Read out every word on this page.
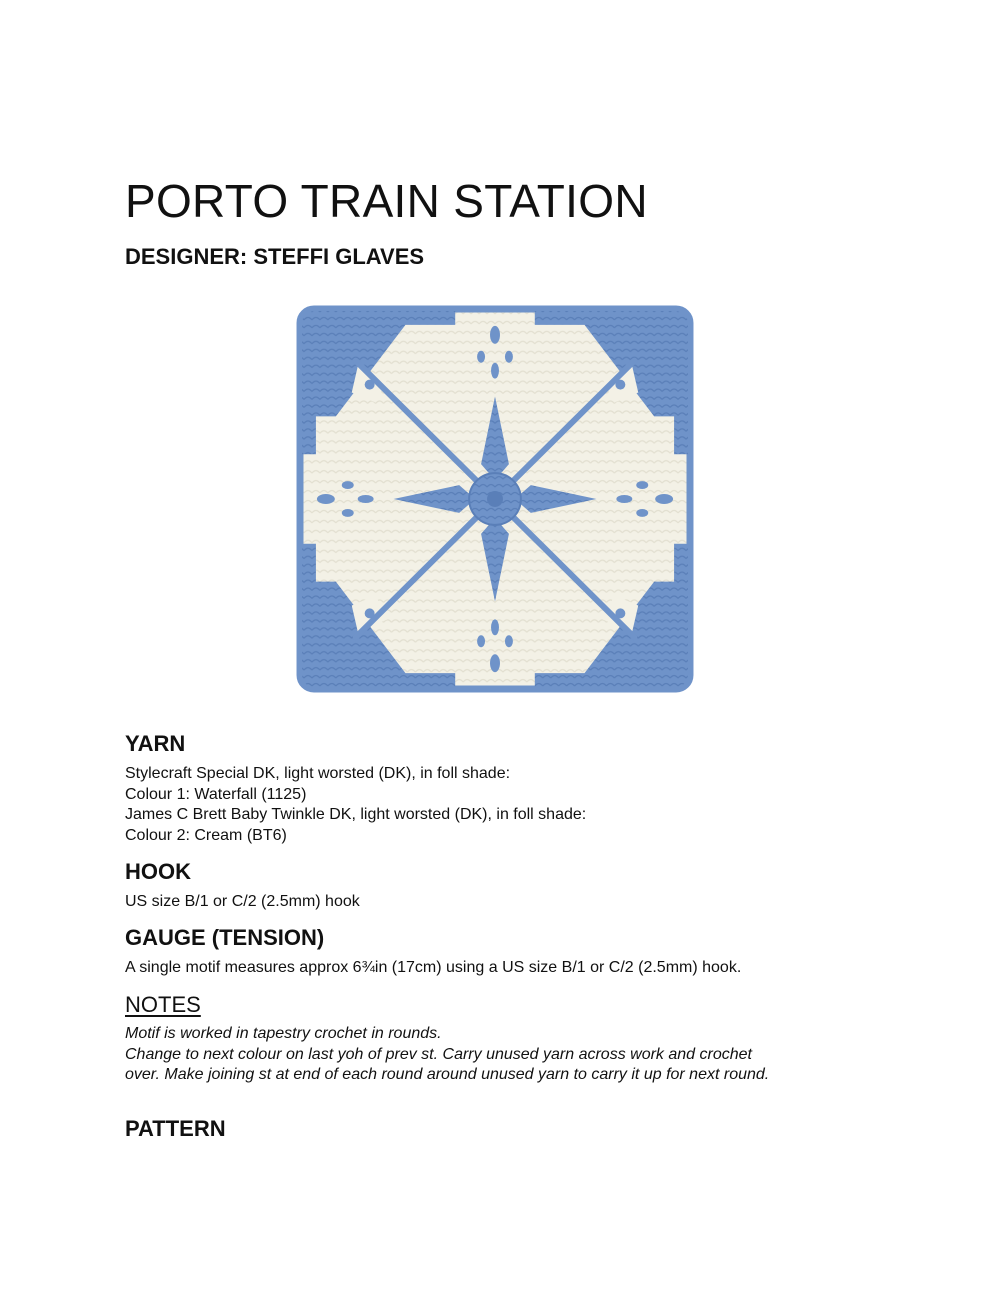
PORTO TRAIN STATION
DESIGNER: STEFFI GLAVES
YARN

Stylecraft Special DK, light worsted (DK), in foll shade:

Colour 1: Waterfall (1125)

James C Brett Baby Twinkle DK, light worsted (DK), in foll shade:

Colour 2: Cream (BT6)

HOOK

US size B/1 or C/2 (2.5mm) hook

GAUGE (TENSION)

A single motif measures approx 6¾in (17cm) using a US size B/1 or C/2 (2.5mm) hook.

NOTES

Motif is worked in tapestry crochet in rounds.

Change to next colour on last yoh of prev st. Carry unused yarn across work and crochet

over. Make joining st at end of each round around unused yarn to carry it up for next round.

PATTERN
